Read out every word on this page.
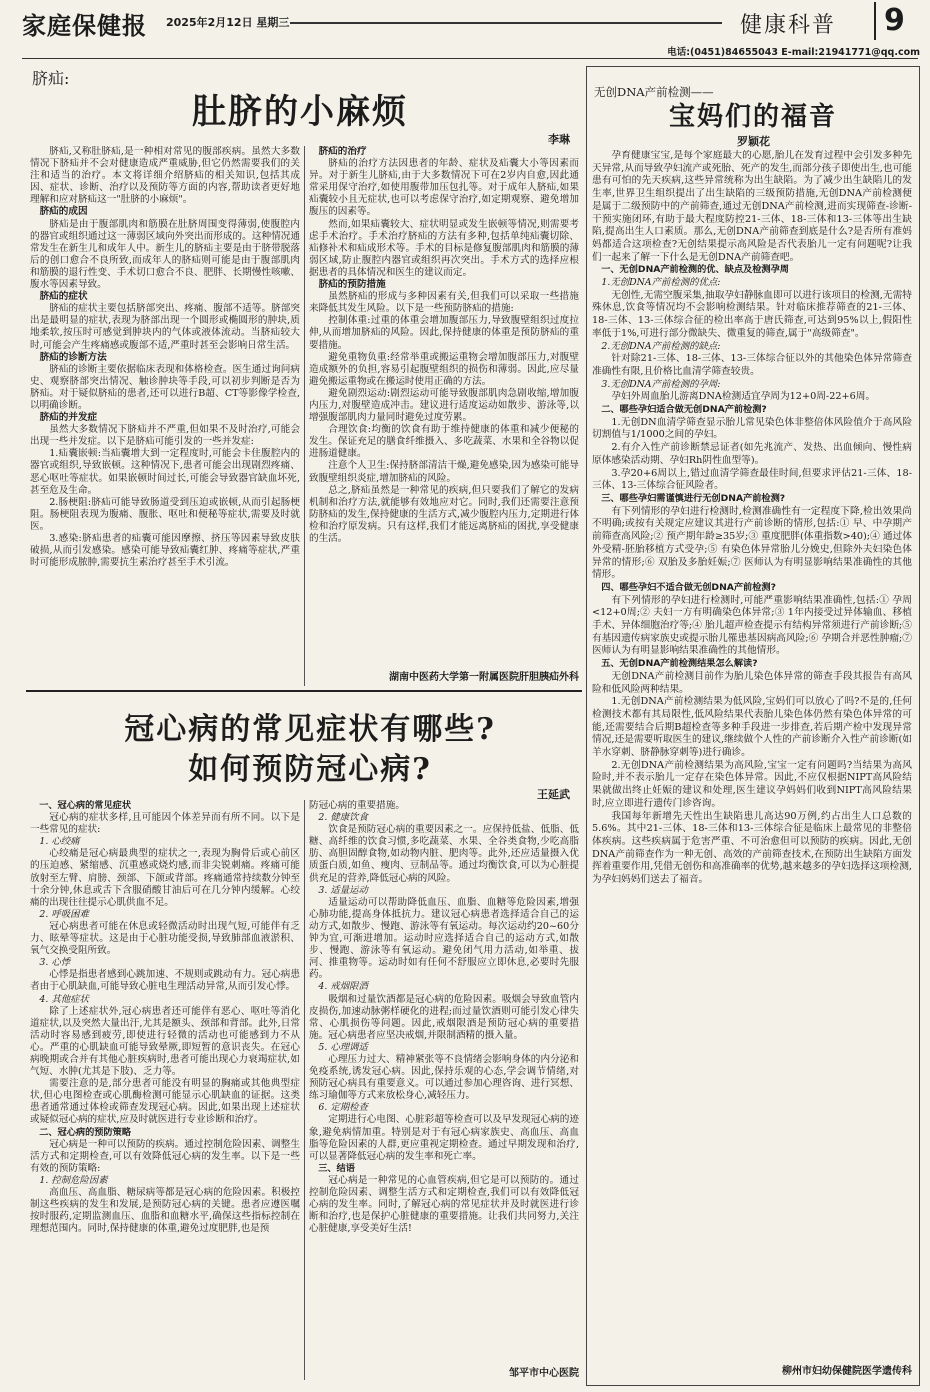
家庭保健报 2025年2月12日 星期三	健康科普	9
电话:(0451)84655043 E-mail:21941771@qq.com
脐疝:
肚脐的小麻烦
李琳

脐疝,又称肚脐疝,是一种相对常见的腹部疾病。虽然大多数情况下脐疝并不会对健康造成严重威胁,但它仍然需要我们的关注和适当的治疗。本文将详细介绍脐疝的相关知识,包括其成因、症状、诊断、治疗以及预防等方面的内容,帮助读者更好地理解和应对脐疝这一"肚脐的小麻烦"。

脐疝的成因

脐疝是由于腹部肌肉和筋膜在肚脐周围变得薄弱,使腹腔内的器官或组织通过这一薄弱区域向外突出而形成的。这种情况通常发生在新生儿和成年人中。新生儿的脐疝主要是由于脐带脱落后的创口愈合不良所致,而成年人的脐疝则可能是由于腹部肌肉和筋膜的退行性变、手术切口愈合不良、肥胖、长期慢性咳嗽、腹水等因素导致。

脐疝的症状

脐疝的症状主要包括脐部突出、疼痛、腹部不适等。脐部突出是最明显的症状,表现为脐部出现一个圆形或椭圆形的肿块,质地柔软,按压时可感觉到肿块内的气体或液体流动。当脐疝较大时,可能会产生疼痛感或腹部不适,严重时甚至会影响日常生活。

脐疝的诊断方法

脐疝的诊断主要依据临床表现和体格检查。医生通过询问病史、观察脐部突出情况、触诊肿块等手段,可以初步判断是否为脐疝。对于疑似脐疝的患者,还可以进行B超、CT等影像学检查,以明确诊断。

脐疝的并发症

虽然大多数情况下脐疝并不严重,但如果不及时治疗,可能会出现一些并发症。以下是脐疝可能引发的一些并发症:

1.疝囊嵌顿:当疝囊增大到一定程度时,可能会卡住腹腔内的器官或组织,导致嵌顿。这种情况下,患者可能会出现剧烈疼痛、恶心呕吐等症状。如果嵌顿时间过长,可能会导致器官缺血坏死,甚至危及生命。

2.肠梗阻:脐疝可能导致肠道受到压迫或嵌顿,从而引起肠梗阻。肠梗阻表现为腹痛、腹胀、呕吐和便秘等症状,需要及时就医。

3.感染:脐疝患者的疝囊可能因摩擦、挤压等因素导致皮肤破损,从而引发感染。感染可能导致疝囊红肿、疼痛等症状,严重时可能形成脓肿,需要抗生素治疗甚至手术引流。

脐疝的治疗

脐疝的治疗方法因患者的年龄、症状及疝囊大小等因素而异。对于新生儿脐疝,由于大多数情况下可在2岁内自愈,因此通常采用保守治疗,如使用腹带加压包扎等。对于成年人脐疝,如果疝囊较小且无症状,也可以考虑保守治疗,如定期观察、避免增加腹压的因素等。

然而,如果疝囊较大、症状明显或发生嵌顿等情况,则需要考虑手术治疗。手术治疗脐疝的方法有多种,包括单纯疝囊切除、疝修补术和疝成形术等。手术的目标是修复腹部肌肉和筋膜的薄弱区域,防止腹腔内器官或组织再次突出。手术方式的选择应根据患者的具体情况和医生的建议而定。

脐疝的预防措施

虽然脐疝的形成与多种因素有关,但我们可以采取一些措施来降低其发生风险。以下是一些预防脐疝的措施:

控制体重:过重的体重会增加腹部压力,导致腹壁组织过度拉伸,从而增加脐疝的风险。因此,保持健康的体重是预防脐疝的重要措施。

避免重物负重:经常举重或搬运重物会增加腹部压力,对腹壁造成额外的负担,容易引起腹壁组织的损伤和薄弱。因此,应尽量避免搬运重物或在搬运时使用正确的方法。

避免剧烈运动:剧烈运动可能导致腹部肌肉急剧收缩,增加腹内压力,对腹壁造成冲击。建议进行适度运动如散步、游泳等,以增强腹部肌肉力量同时避免过度劳累。

合理饮食:均衡的饮食有助于维持健康的体重和减少便秘的发生。保证充足的膳食纤维摄入、多吃蔬菜、水果和全谷物以促进肠道健康。

注意个人卫生:保持脐部清洁干燥,避免感染,因为感染可能导致腹壁组织炎症,增加脐疝的风险。

总之,脐疝虽然是一种常见的疾病,但只要我们了解它的发病机制和治疗方法,就能够有效地应对它。同时,我们还需要注意预防脐疝的发生,保持健康的生活方式,减少腹腔内压力,定期进行体检和治疗原发病。只有这样,我们才能远离脐疝的困扰,享受健康的生活。

湖南中医药大学第一附属医院肝胆胰疝外科
冠心病的常见症状有哪些?
如何预防冠心病?
王延武

一、冠心病的常见症状

冠心病的症状多样,且可能因个体差异而有所不同。以下是一些常见的症状:

1. 心绞痛

心绞痛是冠心病最典型的症状之一,表现为胸骨后或心前区的压迫感、紧缩感、沉重感或烧灼感,而非尖锐刺痛。疼痛可能放射至左臂、肩膀、颈部、下颌或背部。疼痛通常持续数分钟至十余分钟,休息或舌下含服硝酸甘油后可在几分钟内缓解。心绞痛的出现往往提示心肌供血不足。

2. 呼吸困难

冠心病患者可能在休息或轻微活动时出现气短,可能伴有乏力、眩晕等症状。这是由于心脏功能受损,导致肺部血液淤积、氧气交换受阻所致。

3. 心悸

心悸是指患者感到心跳加速、不规则或跳动有力。冠心病患者由于心肌缺血,可能导致心脏电生理活动异常,从而引发心悸。

4. 其他症状

除了上述症状外,冠心病患者还可能伴有恶心、呕吐等消化道症状,以及突然大量出汗,尤其是额头、颈部和背部。此外,日常活动时容易感到疲劳,即使进行轻微的活动也可能感到力不从心。严重的心肌缺血可能导致晕厥,即短暂的意识丧失。在冠心病晚期或合并有其他心脏疾病时,患者可能出现心力衰竭症状,如气短、水肿(尤其是下肢)、乏力等。

需要注意的是,部分患者可能没有明显的胸痛或其他典型症状,但心电图检查或心肌酶检测可能显示心肌缺血的证据。这类患者通常通过体检或筛查发现冠心病。因此,如果出现上述症状或疑似冠心病的症状,应及时就医进行专业诊断和治疗。

二、冠心病的预防策略

冠心病是一种可以预防的疾病。通过控制危险因素、调整生活方式和定期检查,可以有效降低冠心病的发生率。以下是一些有效的预防策略:

1. 控制危险因素

高血压、高血脂、糖尿病等都是冠心病的危险因素。积极控制这些疾病的发生和发展,是预防冠心病的关键。患者应遵医嘱按时服药,定期监测血压、血脂和血糖水平,确保这些指标控制在理想范围内。同时,保持健康的体重,避免过度肥胖,也是预

防冠心病的重要措施。

2. 健康饮食

饮食是预防冠心病的重要因素之一。应保持低盐、低脂、低糖、高纤维的饮食习惯,多吃蔬菜、水果、全谷类食物,少吃高脂肪、高胆固醇食物,如动物内脏、肥肉等。此外,还应适量摄入优质蛋白质,如鱼、瘦肉、豆制品等。通过均衡饮食,可以为心脏提供充足的营养,降低冠心病的风险。

3. 适量运动

适量运动可以帮助降低血压、血脂、血糖等危险因素,增强心肺功能,提高身体抵抗力。建议冠心病患者选择适合自己的运动方式,如散步、慢跑、游泳等有氧运动。每次运动约20~60分钟为宜,可渐进增加。运动时应选择适合自己的运动方式,如散步、慢跑、游泳等有氧运动。避免闭气用力活动,如举重、拔河、推重物等。运动时如有任何不舒服应立即休息,必要时先服药。

4. 戒烟限酒

吸烟和过量饮酒都是冠心病的危险因素。吸烟会导致血管内皮损伤,加速动脉粥样硬化的进程;而过量饮酒则可能引发心律失常、心肌损伤等问题。因此,戒烟限酒是预防冠心病的重要措施。冠心病患者应坚决戒烟,并限制酒精的摄入量。

5. 心理调适

心理压力过大、精神紧张等不良情绪会影响身体的内分泌和免疫系统,诱发冠心病。因此,保持乐观的心态,学会调节情绪,对预防冠心病具有重要意义。可以通过参加心理咨询、进行冥想、练习瑜伽等方式来放松身心,减轻压力。

6. 定期检查

定期进行心电图、心脏彩超等检查可以及早发现冠心病的迹象,避免病情加重。特别是对于有冠心病家族史、高血压、高血脂等危险因素的人群,更应重视定期检查。通过早期发现和治疗,可以显著降低冠心病的发生率和死亡率。

三、结语

冠心病是一种常见的心血管疾病,但它是可以预防的。通过控制危险因素、调整生活方式和定期检查,我们可以有效降低冠心病的发生率。同时,了解冠心病的常见症状并及时就医进行诊断和治疗,也是保护心脏健康的重要措施。让我们共同努力,关注心脏健康,享受美好生活!

邹平市中心医院
无创DNA产前检测——
宝妈们的福音
罗颖花

孕育健康宝宝,是每个家庭最大的心愿,胎儿在发育过程中会引发多种先天异常,从而导致孕妇流产或死胎、死产的发生,而部分孩子即使出生,也可能患有可怕的先天疾病,这些异常统称为出生缺陷。为了减少出生缺陷儿的发生率,世界卫生组织提出了出生缺陷的三级预防措施,无创DNA产前检测便是属于二级预防中的产前筛查,通过无创DNA产前检测,进而实现筛查-诊断-干预实施闭环,有助于最大程度防控21-三体、18-三体和13-三体等出生缺陷,提高出生人口素质。那么,无创DNA产前筛查到底是什么?是否所有准妈妈都适合这项检查?无创结果提示高风险是否代表胎儿一定有问题呢?让我们一起来了解一下什么是无创DNA产前筛查吧。

一、无创DNA产前检测的优、缺点及检测孕周

1.无创DNA产前检测的优点:

无创性,无需空腹采集,抽取孕妇静脉血即可以进行该项目的检测,无需特殊休息,饮食等情况均不会影响检测结果。针对临床推荐筛查的21-三体、18-三体、13-三体综合征的检出率高于唐氏筛查,可达到95%以上,假阳性率低于1%,可进行部分微缺失、微重复的筛查,属于"高级筛查"。

2.无创DNA产前检测的缺点:

针对除21-三体、18-三体、13-三体综合征以外的其他染色体异常筛查准确性有限,且价格比血清学筛查较贵。

3.无创DNA产前检测的孕周:

孕妇外周血胎儿游离DNA检测适宜孕周为12+0周-22+6周。

二、哪些孕妇适合做无创DNA产前检测?

1.无创DN血清学筛查显示胎儿常见染色体非整倍体风险值介于高风险切割值与1/1000之间的孕妇。

2.有介入性产前诊断禁忌证者(如先兆流产、发热、出血倾向、慢性病原体感染活动期、孕妇Rh阴性血型等)。

3.孕20+6周以上,错过血清学筛查最佳时间,但要求评估21-三体、18-三体、13-三体综合征风险者。

三、哪些孕妇需谨慎进行无创DNA产前检测?

有下列情形的孕妇进行检测时,检测准确性有一定程度下降,检出效果尚不明确;或按有关规定应建议其进行产前诊断的情形,包括:① 早、中孕期产前筛查高风险;② 预产期年龄≥35岁;③ 重度肥胖(体重指数>40);④ 通过体外受精-胚胎移植方式受孕;⑤ 有染色体异常胎儿分娩史,但除外夫妇染色体异常的情形;⑥ 双胎及多胎妊娠;⑦ 医师认为有明显影响结果准确性的其他情形。

四、哪些孕妇不适合做无创DNA产前检测?

有下列情形的孕妇进行检测时,可能严重影响结果准确性,包括:① 孕周<12+0周;② 夫妇一方有明确染色体异常;③ 1年内接受过异体输血、移植手术、异体细胞治疗等;④ 胎儿超声检查提示有结构异常须进行产前诊断;⑤有基因遗传病家族史或提示胎儿罹患基因病高风险;⑥ 孕期合并恶性肿瘤;⑦ 医师认为有明显影响结果准确性的其他情形。

五、无创DNA产前检测结果怎么解读?

无创DNA产前检测目前作为胎儿染色体异常的筛查手段其报告有高风险和低风险两种结果。

1.无创DNA产前检测结果为低风险,宝妈们可以放心了吗?不是的,任何检测技术都有其局限性,低风险结果代表胎儿染色体仍然有染色体异常的可能,还需要结合后期B超检查等多种手段进一步排查,若后期产检中发现异常情况,还是需要听取医生的建议,继续做个人性的产前诊断介入性产前诊断(如羊水穿刺、脐静脉穿刺等)进行确诊。

2.无创DNA产前检测结果为高风险,宝宝一定有问题吗?当结果为高风险时,并不表示胎儿一定存在染色体异常。因此,不应仅根据NIPT高风险结果就做出终止妊娠的建议和处理,医生建议孕妈妈们收到NIPT高风险结果时,应立即进行遗传门诊咨询。

我国每年新增先天性出生缺陷患儿高达90万例,约占出生人口总数的5.6%。其中21-三体、18-三体和13-三体综合征是临床上最常见的非整倍体疾病。这些疾病属于危害严重、不可治愈但可以预防的疾病。因此,无创DNA产前筛查作为一种无创、高效的产前筛查技术,在预防出生缺陷方面发挥着重要作用,凭借无创伤和高准确率的优势,越来越多的孕妇选择这项检测,为孕妇妈妈们送去了福音。

柳州市妇幼保健院医学遗传科
